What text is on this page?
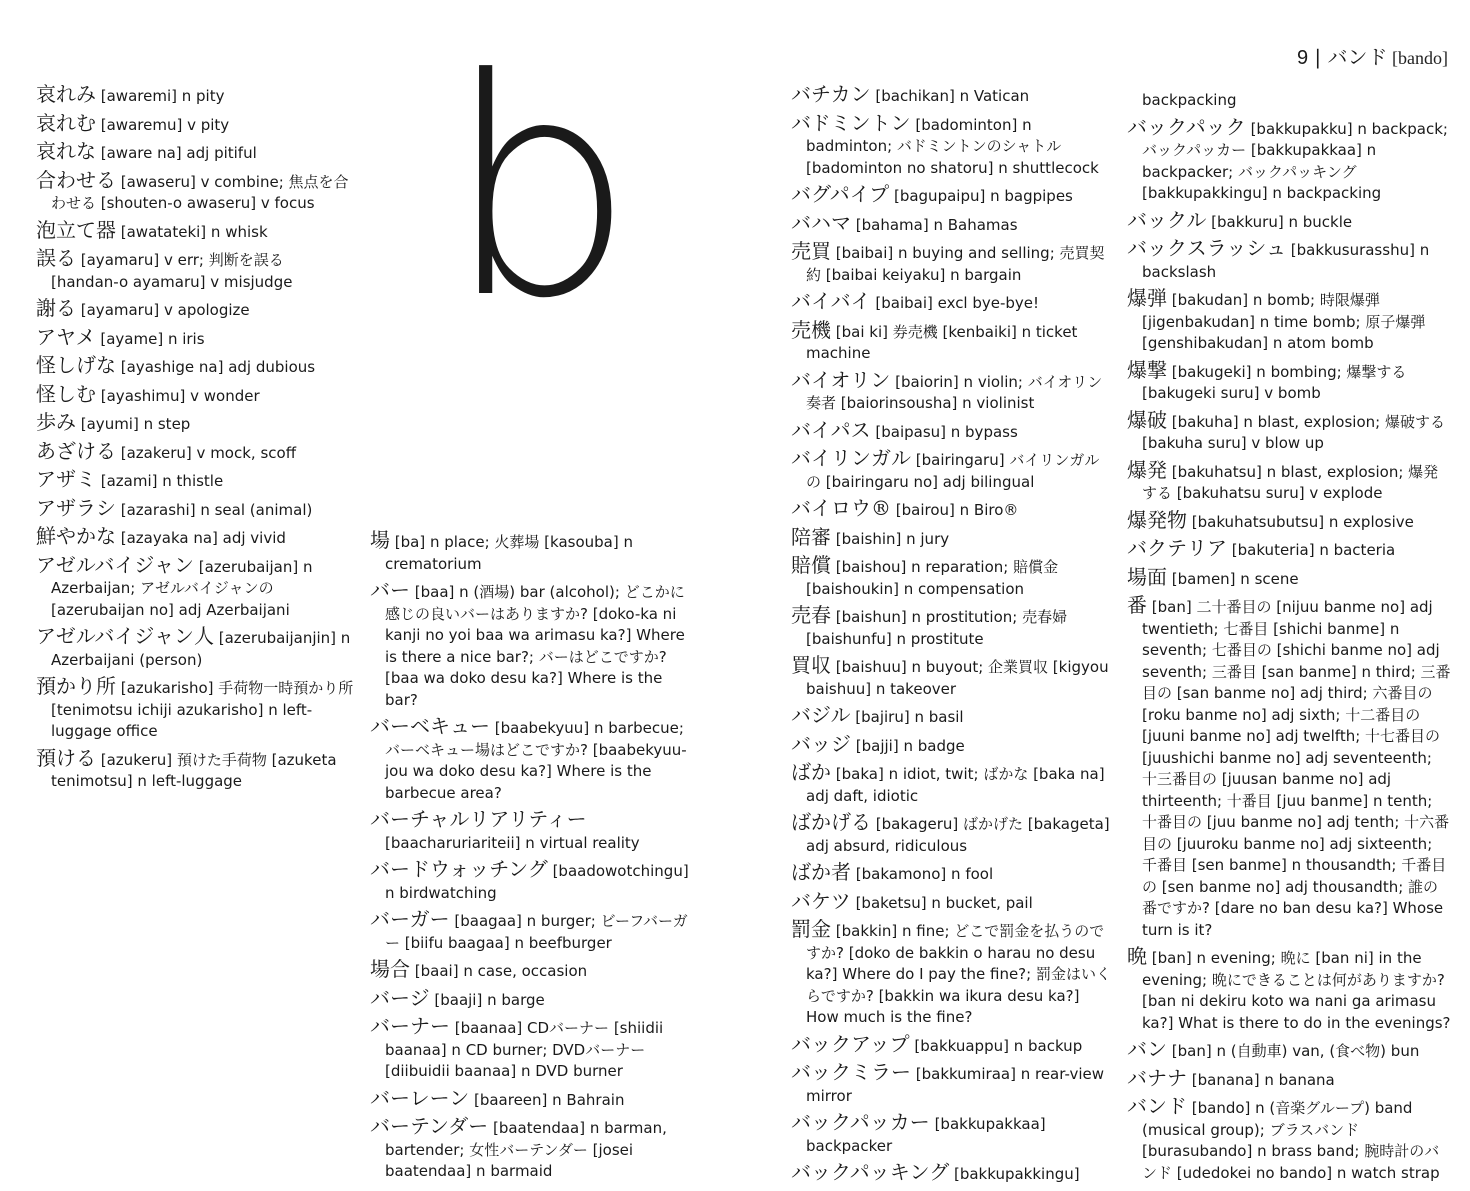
9 | バンド [bando]
b
哀れみ [awaremi] n pity
哀れむ [awaremu] v pity
哀れな [aware na] adj pitiful
合わせる [awaseru] v combine; 焦点を合わせる [shouten-o awaseru] v focus
泡立て器 [awatateki] n whisk
誤る [ayamaru] v err; 判断を誤る [handan-o ayamaru] v misjudge
謝る [ayamaru] v apologize
アヤメ [ayame] n iris
怪しげな [ayashige na] adj dubious
怪しむ [ayashimu] v wonder
歩み [ayumi] n step
あざける [azakeru] v mock, scoff
アザミ [azami] n thistle
アザラシ [azarashi] n seal (animal)
鮮やかな [azayaka na] adj vivid
アゼルバイジャン [azerubaijan] n Azerbaijan; アゼルバイジャンの [azerubaijan no] adj Azerbaijani
アゼルバイジャン人 [azerubaijanjin] n Azerbaijani (person)
預かり所 [azukarisho] 手荷物一時預かり所 [tenimotsu ichiji azukarisho] n left-luggage office
預ける [azukeru] 預けた手荷物 [azuketa tenimotsu] n left-luggage
場 [ba] n place; 火葬場 [kasouba] n crematorium
バー [baa] n (酒場) bar (alcohol); どこかに感じの良いバーはありますか? [doko-ka ni kanji no yoi baa wa arimasu ka?] Where is there a nice bar?; バーはどこですか? [baa wa doko desu ka?] Where is the bar?
バーベキュー [baabekyuu] n barbecue; バーベキュー場はどこですか? [baabekyuu-jou wa doko desu ka?] Where is the barbecue area?
バーチャルリアリティー [baacharuriariteii] n virtual reality
バードウォッチング [baadowotchingu] n birdwatching
バーガー [baagaa] n burger; ビーフバーガー [biifu baagaa] n beefburger
場合 [baai] n case, occasion
バージ [baaji] n barge
バーナー [baanaa] CDバーナー [shiidii baanaa] n CD burner; DVDバーナー [diibuidii baanaa] n DVD burner
バーレーン [baareen] n Bahrain
バーテンダー [baatendaa] n barman, bartender; 女性バーテンダー [josei baatendaa] n barmaid
バチカン [bachikan] n Vatican
バドミントン [badominton] n badminton; バドミントンのシャトル [badominton no shatoru] n shuttlecock
バグパイプ [bagupaipu] n bagpipes
バハマ [bahama] n Bahamas
売買 [baibai] n buying and selling; 売買契約 [baibai keiyaku] n bargain
バイバイ [baibai] excl bye-bye!
売機 [bai ki] 券売機 [kenbaiki] n ticket machine
バイオリン [baiorin] n violin; バイオリン奏者 [baiorinsousha] n violinist
バイパス [baipasu] n bypass
バイリンガル [bairingaru] バイリンガルの [bairingaru no] adj bilingual
バイロウ® [bairou] n Biro®
陪審 [baishin] n jury
賠償 [baishou] n reparation; 賠償金 [baishoukin] n compensation
売春 [baishun] n prostitution; 売春婦 [baishunfu] n prostitute
買収 [baishuu] n buyout; 企業買収 [kigyou baishuu] n takeover
バジル [bajiru] n basil
バッジ [bajji] n badge
ばか [baka] n idiot, twit; ばかな [baka na] adj daft, idiotic
ばかげる [bakageru] ばかげた [bakageta] adj absurd, ridiculous
ばか者 [bakamono] n fool
バケツ [baketsu] n bucket, pail
罰金 [bakkin] n fine; どこで罰金を払うのですか? [doko de bakkin o harau no desu ka?] Where do I pay the fine?; 罰金はいくらですか? [bakkin wa ikura desu ka?] How much is the fine?
バックアップ [bakkuappu] n backup
バックミラー [bakkumiraa] n rear-view mirror
バックパッカー [bakkupakkaa] backpacker
バックパッキング [bakkupakkingu]
backpacking
バックパック [bakkupakku] n backpack; バックパッカー [bakkupakkaa] n backpacker; バックパッキング [bakkupakkingu] n backpacking
バックル [bakkuru] n buckle
バックスラッシュ [bakkusurasshu] n backslash
爆弾 [bakudan] n bomb; 時限爆弾 [jigenbakudan] n time bomb; 原子爆弾 [genshibakudan] n atom bomb
爆撃 [bakugeki] n bombing; 爆撃する [bakugeki suru] v bomb
爆破 [bakuha] n blast, explosion; 爆破する [bakuha suru] v blow up
爆発 [bakuhatsu] n blast, explosion; 爆発する [bakuhatsu suru] v explode
爆発物 [bakuhatsubutsu] n explosive
バクテリア [bakuteria] n bacteria
場面 [bamen] n scene
番 [ban] 二十番目の [nijuu banme no] adj twentieth; 七番目 [shichi banme] n seventh; 七番目の [shichi banme no] adj seventh; 三番目 [san banme] n third; 三番目の [san banme no] adj third; 六番目の [roku banme no] adj sixth; 十二番目の [juuni banme no] adj twelfth; 十七番目の [juushichi banme no] adj seventeenth; 十三番目の [juusan banme no] adj thirteenth; 十番目 [juu banme] n tenth; 十番目の [juu banme no] adj tenth; 十六番目の [juuroku banme no] adj sixteenth; 千番目 [sen banme] n thousandth; 千番目の [sen banme no] adj thousandth; 誰の番ですか? [dare no ban desu ka?] Whose turn is it?
晩 [ban] n evening; 晩に [ban ni] in the evening; 晩にできることは何がありますか? [ban ni dekiru koto wa nani ga arimasu ka?] What is there to do in the evenings?
バン [ban] n (自動車) van, (食べ物) bun
バナナ [banana] n banana
バンド [bando] n (音楽グループ) band (musical group); ブラスバンド [burasubando] n brass band; 腕時計のバンド [udedokei no bando] n watch strap
